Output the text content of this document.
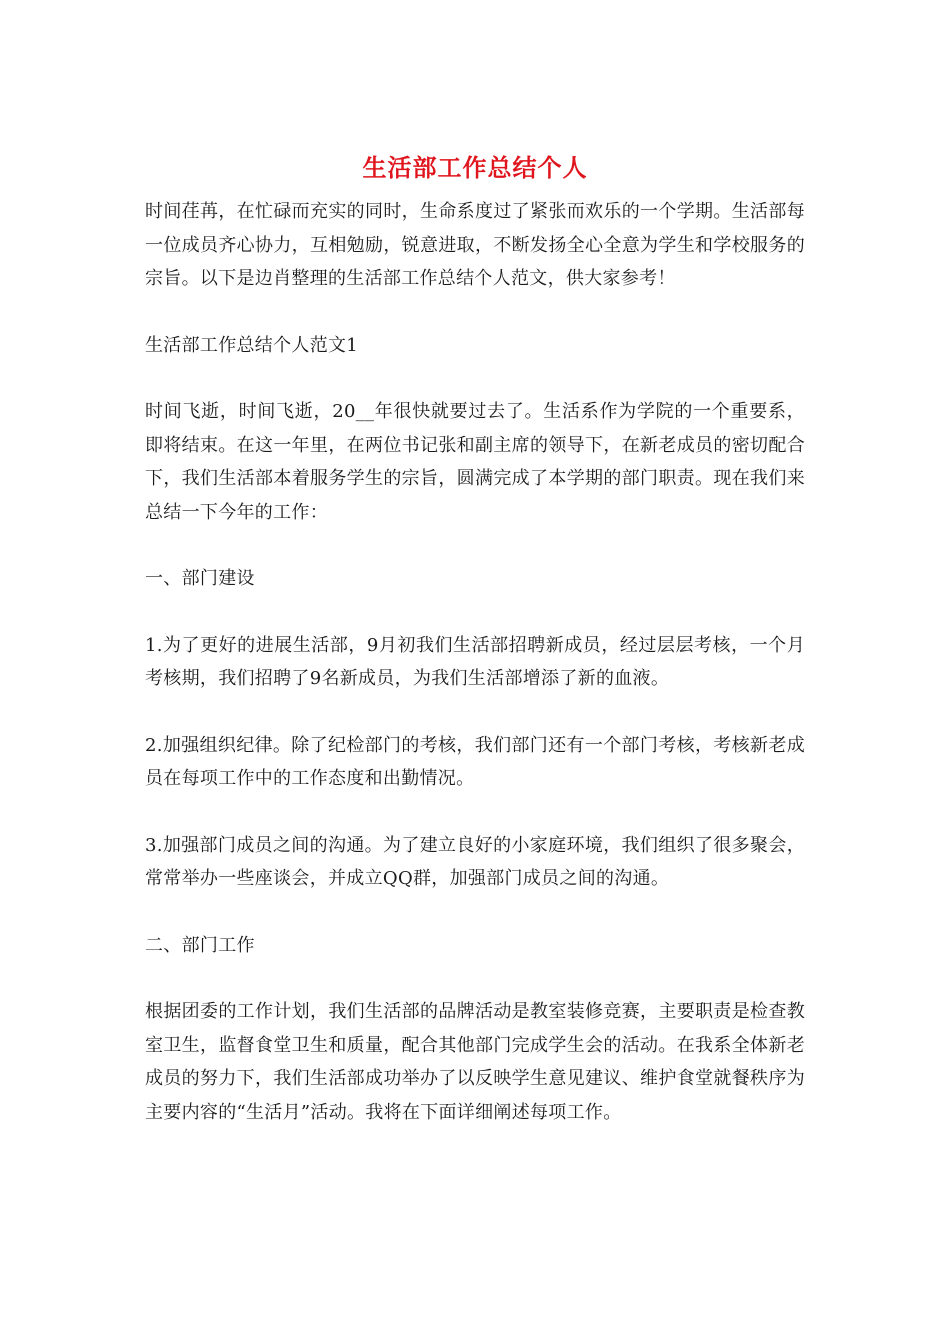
生活部工作总结个人

时间荏苒，在忙碌而充实的同时，生命系度过了紧张而欢乐的一个学期。生活部每一位成员齐心协力，互相勉励，锐意进取，不断发扬全心全意为学生和学校服务的宗旨。以下是边肖整理的生活部工作总结个人范文，供大家参考！

生活部工作总结个人范文1

时间飞逝，时间飞逝，20__年很快就要过去了。生活系作为学院的一个重要系，即将结束。在这一年里，在两位书记张和副主席的领导下，在新老成员的密切配合下，我们生活部本着服务学生的宗旨，圆满完成了本学期的部门职责。现在我们来总结一下今年的工作：

一、部门建设

1.为了更好的进展生活部，9月初我们生活部招聘新成员，经过层层考核，一个月考核期，我们招聘了9名新成员，为我们生活部增添了新的血液。

2.加强组织纪律。除了纪检部门的考核，我们部门还有一个部门考核，考核新老成员在每项工作中的工作态度和出勤情况。

3.加强部门成员之间的沟通。为了建立良好的小家庭环境，我们组织了很多聚会，常常举办一些座谈会，并成立QQ群，加强部门成员之间的沟通。

二、部门工作

根据团委的工作计划，我们生活部的品牌活动是教室装修竞赛，主要职责是检查教室卫生，监督食堂卫生和质量，配合其他部门完成学生会的活动。在我系全体新老成员的努力下，我们生活部成功举办了以反映学生意见建议、维护食堂就餐秩序为主要内容的“生活月”活动。我将在下面详细阐述每项工作。
